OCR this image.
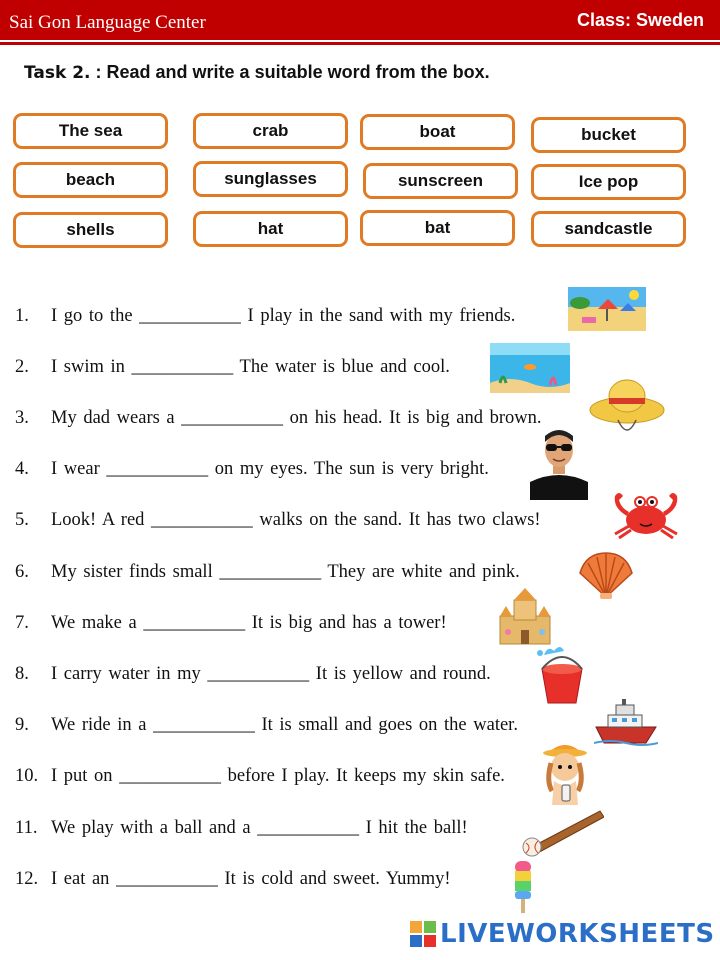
Sai Gon Language Center	Class: Sweden
Task 2. : Read and write a suitable word from the box.
The sea	crab	boat	bucket
beach	sunglasses	sunscreen	Ice pop
shells	hat	bat	sandcastle
1. I go to the ___________ I play in the sand with my friends.
2. I swim in ___________ The water is blue and cool.
3. My dad wears a ___________ on his head. It is big and brown.
4. I wear ___________ on my eyes. The sun is very bright.
5. Look! A red ___________ walks on the sand. It has two claws!
6. My sister finds small ___________ They are white and pink.
7. We make a ___________ It is big and has a tower!
8. I carry water in my ___________ It is yellow and round.
9. We ride in a ___________ It is small and goes on the water.
10. I put on ___________ before I play. It keeps my skin safe.
11. We play with a ball and a ___________ I hit the ball!
12. I eat an ___________ It is cold and sweet. Yummy!
LIVEWORKSHEETS
